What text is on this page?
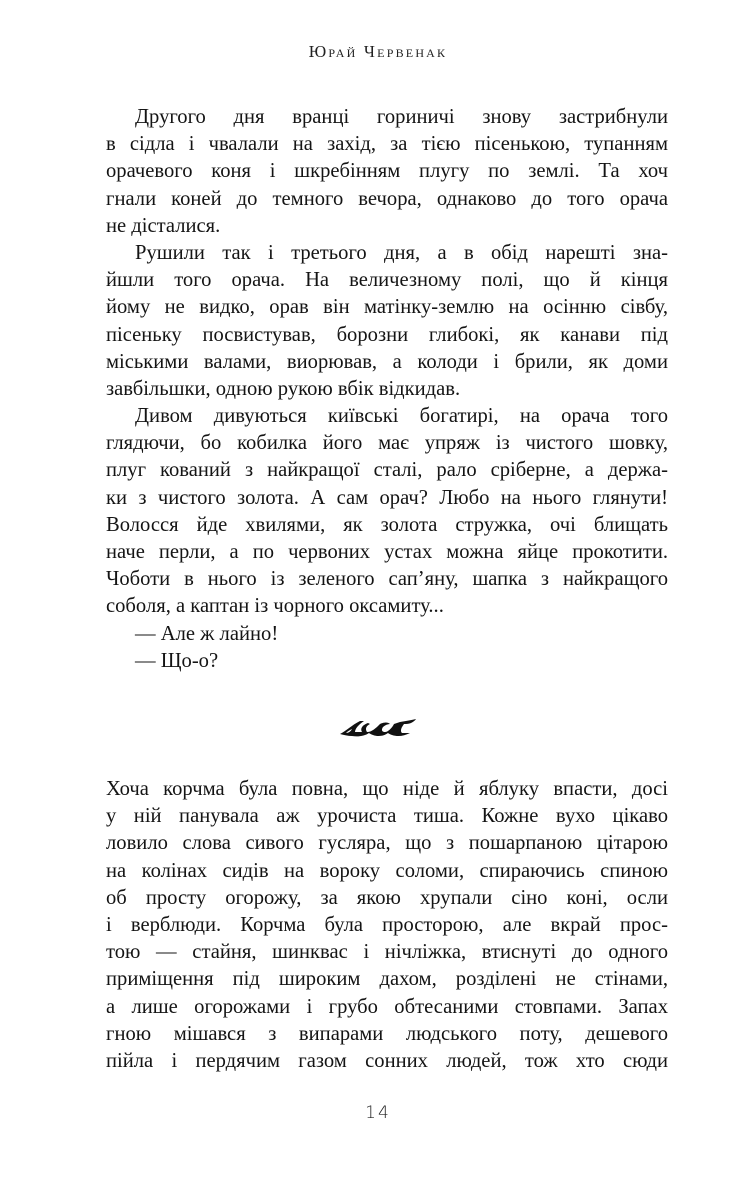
Юрай Червенак
Другого дня вранці гориничі знову застрибнули
в сідла і чвалали на захід, за тією пісенькою, тупанням
орачевого коня і шкребінням плугу по землі. Та хоч
гнали коней до темного вечора, однаково до того орача
не дісталися.
Рушили так і третього дня, а в обід нарешті зна-
йшли того орача. На величезному полі, що й кінця
йому не видко, орав він матінку-землю на осінню сівбу,
пісеньку посвистував, борозни глибокі, як канави під
міськими валами, виорював, а колоди і брили, як доми
завбільшки, одною рукою вбік відкидав.
Дивом дивуються київські богатирі, на орача того
глядючи, бо кобилка його має упряж із чистого шовку,
плуг кований з найкращої сталі, рало сріберне, а держа-
ки з чистого золота. А сам орач? Любо на нього глянути!
Волосся йде хвилями, як золота стружка, очі блищать
наче перли, а по червоних устах можна яйце прокотити.
Чоботи в нього із зеленого сап’яну, шапка з найкращого
соболя, а каптан із чорного оксамиту...
— Але ж лайно!
— Що-о?
Хоча корчма була повна, що ніде й яблуку впасти, досі
у ній панувала аж урочиста тиша. Кожне вухо цікаво
ловило слова сивого гусляра, що з пошарпаною цітарою
на колінах сидів на вороку соломи, спираючись спиною
об просту огорожу, за якою хрупали сіно коні, осли
і верблюди. Корчма була просторою, але вкрай прос-
тою — стайня, шинквас і нічліжка, втиснуті до одного
приміщення під широким дахом, розділені не стінами,
а лише огорожами і грубо обтесаними стовпами. Запах
гною мішався з випарами людського поту, дешевого
пійла і пердячим газом сонних людей, тож хто сюди
14
